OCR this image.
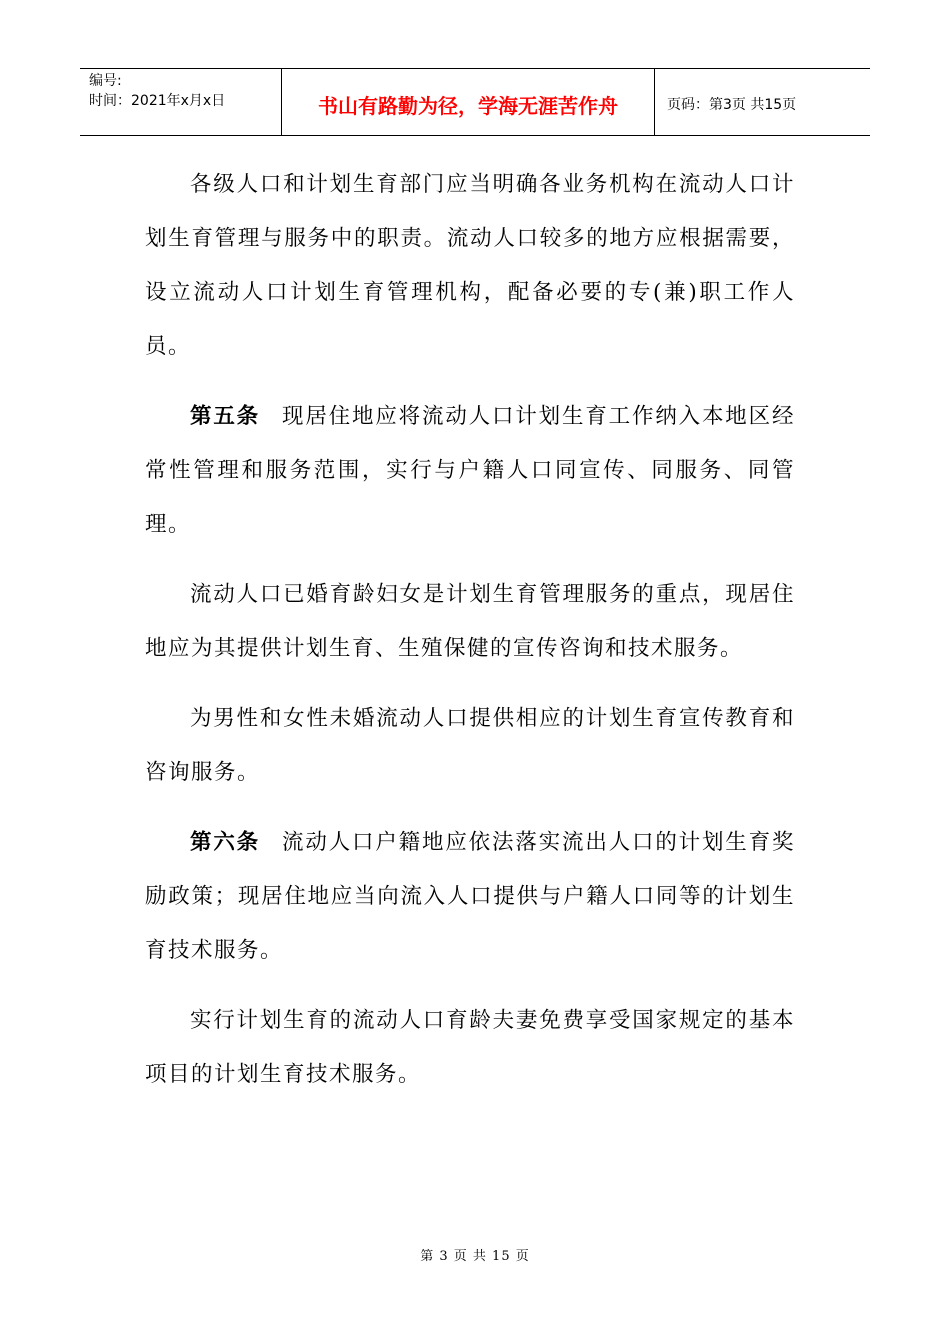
编号:
时间：2021年x月x日	书山有路勤为径，学海无涯苦作舟	页码：第3页 共15页

各级人口和计划生育部门应当明确各业务机构在流动人口计划生育管理与服务中的职责。流动人口较多的地方应根据需要，设立流动人口计划生育管理机构，配备必要的专(兼)职工作人员。

第五条 现居住地应将流动人口计划生育工作纳入本地区经常性管理和服务范围，实行与户籍人口同宣传、同服务、同管理。

流动人口已婚育龄妇女是计划生育管理服务的重点，现居住地应为其提供计划生育、生殖保健的宣传咨询和技术服务。

为男性和女性未婚流动人口提供相应的计划生育宣传教育和咨询服务。

第六条 流动人口户籍地应依法落实流出人口的计划生育奖励政策；现居住地应当向流入人口提供与户籍人口同等的计划生育技术服务。

实行计划生育的流动人口育龄夫妻免费享受国家规定的基本项目的计划生育技术服务。

第 3 页 共 15 页
